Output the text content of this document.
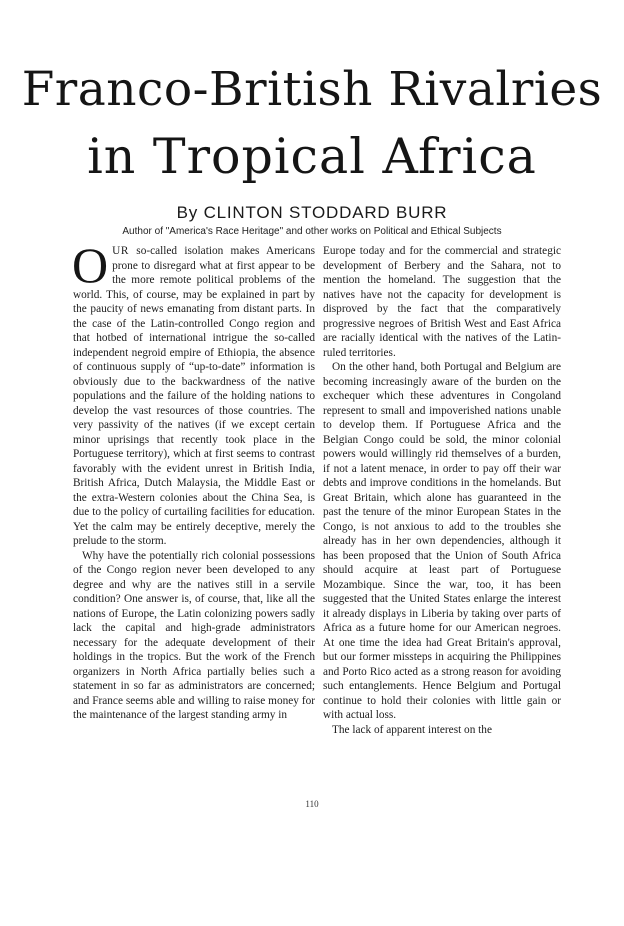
Franco-British Rivalries
in Tropical Africa
By CLINTON STODDARD BURR
Author of "America's Race Heritage" and other works on Political and Ethical Subjects

OUR so-called isolation makes Americans prone to disregard what at first appear to be the more remote political problems of the world. This, of course, may be explained in part by the paucity of news emanating from distant parts. In the case of the Latin-controlled Congo region and that hotbed of international intrigue the so-called independent negroid empire of Ethiopia, the absence of continuous supply of “up-to-date” information is obviously due to the backwardness of the native populations and the failure of the holding nations to develop the vast resources of those countries. The very passivity of the natives (if we except certain minor uprisings that recently took place in the Portuguese territory), which at first seems to contrast favorably with the evident unrest in British India, British Africa, Dutch Malaysia, the Middle East or the extra-Western colonies about the China Sea, is due to the policy of curtailing facilities for education. Yet the calm may be entirely deceptive, merely the prelude to the storm.

Why have the potentially rich colonial possessions of the Congo region never been developed to any degree and why are the natives still in a servile condition? One answer is, of course, that, like all the nations of Europe, the Latin colonizing powers sadly lack the capital and high-grade administrators necessary for the adequate development of their holdings in the tropics. But the work of the French organizers in North Africa partially belies such a statement in so far as administrators are concerned; and France seems able and willing to raise money for the maintenance of the largest standing army in

Europe today and for the commercial and strategic development of Berbery and the Sahara, not to mention the homeland. The suggestion that the natives have not the capacity for development is disproved by the fact that the comparatively progressive negroes of British West and East Africa are racially identical with the natives of the Latin-ruled territories.

On the other hand, both Portugal and Belgium are becoming increasingly aware of the burden on the exchequer which these adventures in Congoland represent to small and impoverished nations unable to develop them. If Portuguese Africa and the Belgian Congo could be sold, the minor colonial powers would willingly rid themselves of a burden, if not a latent menace, in order to pay off their war debts and improve conditions in the homelands. But Great Britain, which alone has guaranteed in the past the tenure of the minor European States in the Congo, is not anxious to add to the troubles she already has in her own dependencies, although it has been proposed that the Union of South Africa should acquire at least part of Portuguese Mozambique. Since the war, too, it has been suggested that the United States enlarge the interest it already displays in Liberia by taking over parts of Africa as a future home for our American negroes. At one time the idea had Great Britain's approval, but our former missteps in acquiring the Philippines and Porto Rico acted as a strong reason for avoiding such entanglements. Hence Belgium and Portugal continue to hold their colonies with little gain or with actual loss.

The lack of apparent interest on the

110
